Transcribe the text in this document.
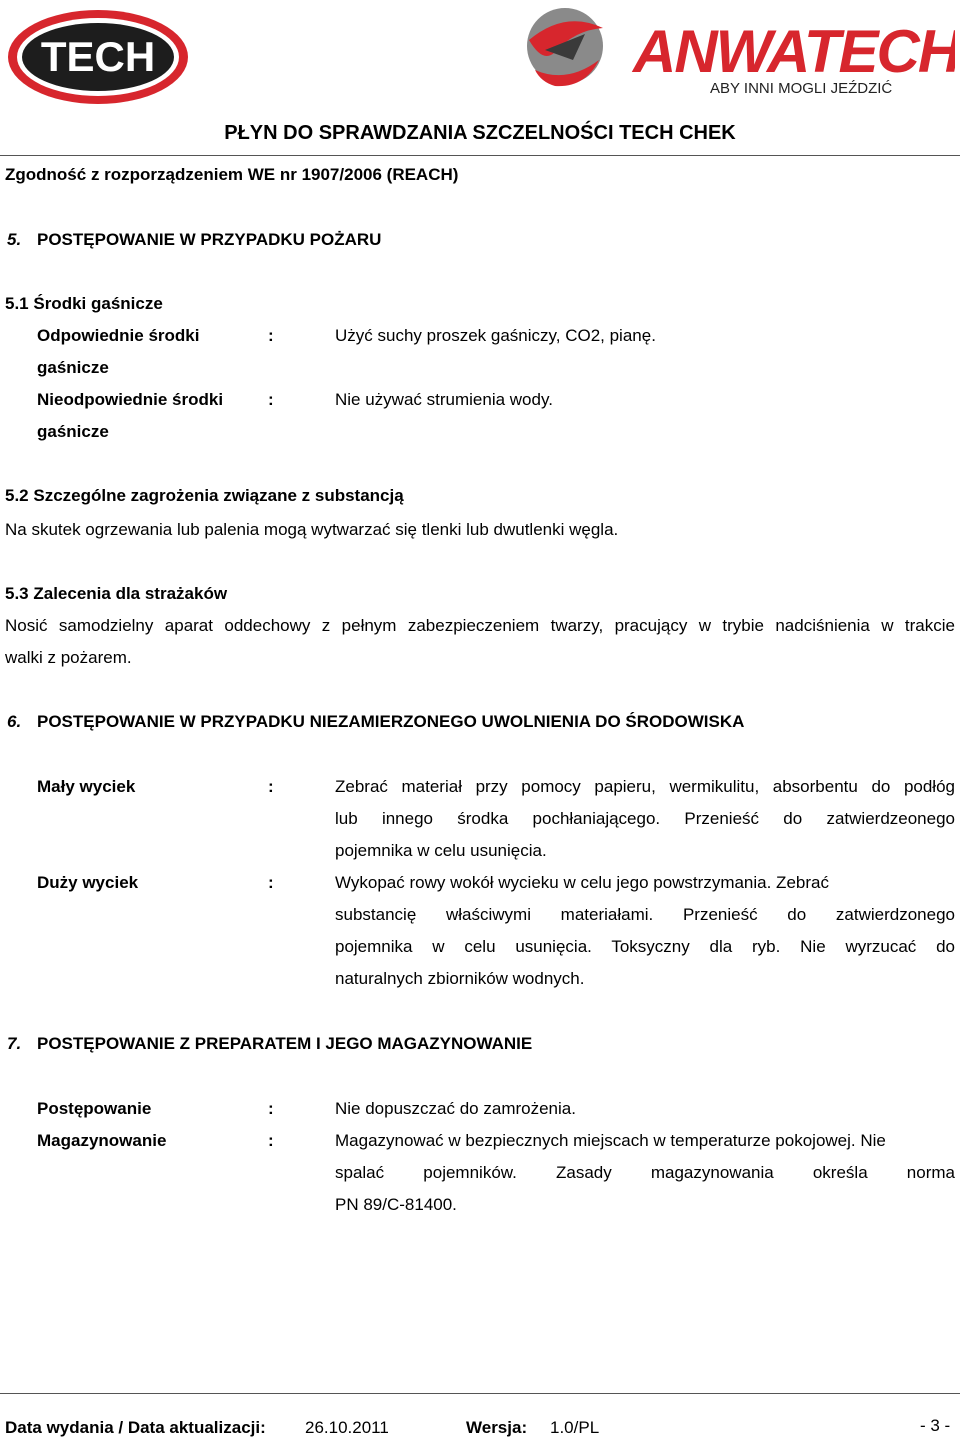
TECH	ANWATECH
ABY INNI MOGLI JEŹDZIĆ
PŁYN DO SPRAWDZANIA SZCZELNOŚCI TECH CHEK
Zgodność z rozporządzeniem WE nr 1907/2006 (REACH)
5. POSTĘPOWANIE W PRZYPADKU POŻARU
5.1 Środki gaśnicze
Odpowiednie środki	:	Użyć suchy proszek gaśniczy, CO2, pianę.
gaśnicze
Nieodpowiednie środki	:	Nie używać strumienia wody.
gaśnicze
5.2 Szczególne zagrożenia związane z substancją
Na skutek ogrzewania lub palenia mogą wytwarzać się tlenki lub dwutlenki węgla.
5.3 Zalecenia dla strażaków
Nosić samodzielny aparat oddechowy z pełnym zabezpieczeniem twarzy, pracujący w trybie nadciśnienia w trakcie
walki z pożarem.
6. POSTĘPOWANIE W PRZYPADKU NIEZAMIERZONEGO UWOLNIENIA DO ŚRODOWISKA
Mały wyciek	:	Zebrać materiał przy pomocy papieru, wermikulitu, absorbentu do podłóg
lub innego środka pochłaniającego. Przenieść do zatwierdzeonego
pojemnika w celu usunięcia.
Duży wyciek	:	Wykopać rowy wokół wycieku w celu jego powstrzymania. Zebrać
substancię właściwymi materiałami. Przenieść do zatwierdzonego
pojemnika w celu usunięcia. Toksyczny dla ryb. Nie wyrzucać do
naturalnych zbiorników wodnych.
7. POSTĘPOWANIE Z PREPARATEM I JEGO MAGAZYNOWANIE
Postępowanie	:	Nie dopuszczać do zamrożenia.
Magazynowanie	:	Magazynować w bezpiecznych miejscach w temperaturze pokojowej. Nie
spalać pojemników. Zasady magazynowania określa norma
PN 89/C-81400.
Data wydania / Data aktualizacji: 26.10.2011	Wersja: 1.0/PL	- 3 -
